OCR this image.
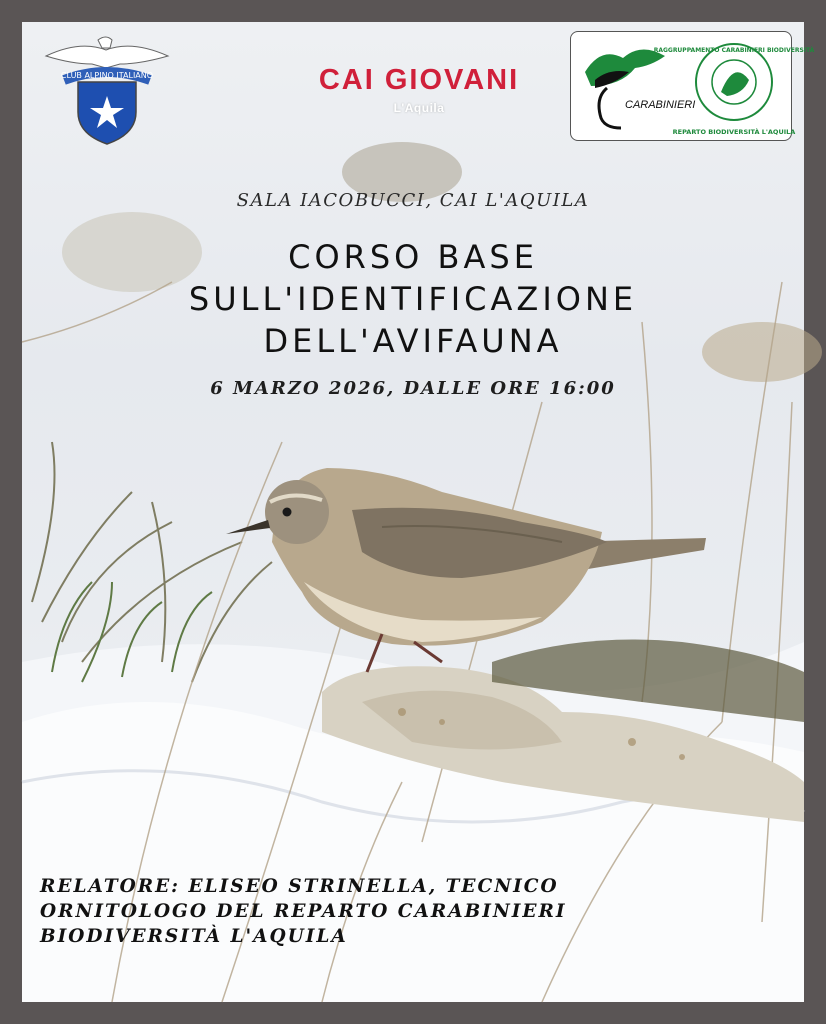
CLUB ALPINO ITALIANO	CAI GIOVANI
L'Aquila	CARABINIERI
RAGGRUPPAMENTO CARABINIERI BIODIVERSITÀ
REPARTO BIODIVERSITÀ L'AQUILA
SALA IACOBUCCI, CAI L'AQUILA
CORSO BASE
SULL'IDENTIFICAZIONE
DELL'AVIFAUNA
6 MARZO 2026, DALLE ORE 16:00
RELATORE: ELISEO STRINELLA, TECNICO
ORNITOLOGO DEL REPARTO CARABINIERI
BIODIVERSITÀ L'AQUILA
